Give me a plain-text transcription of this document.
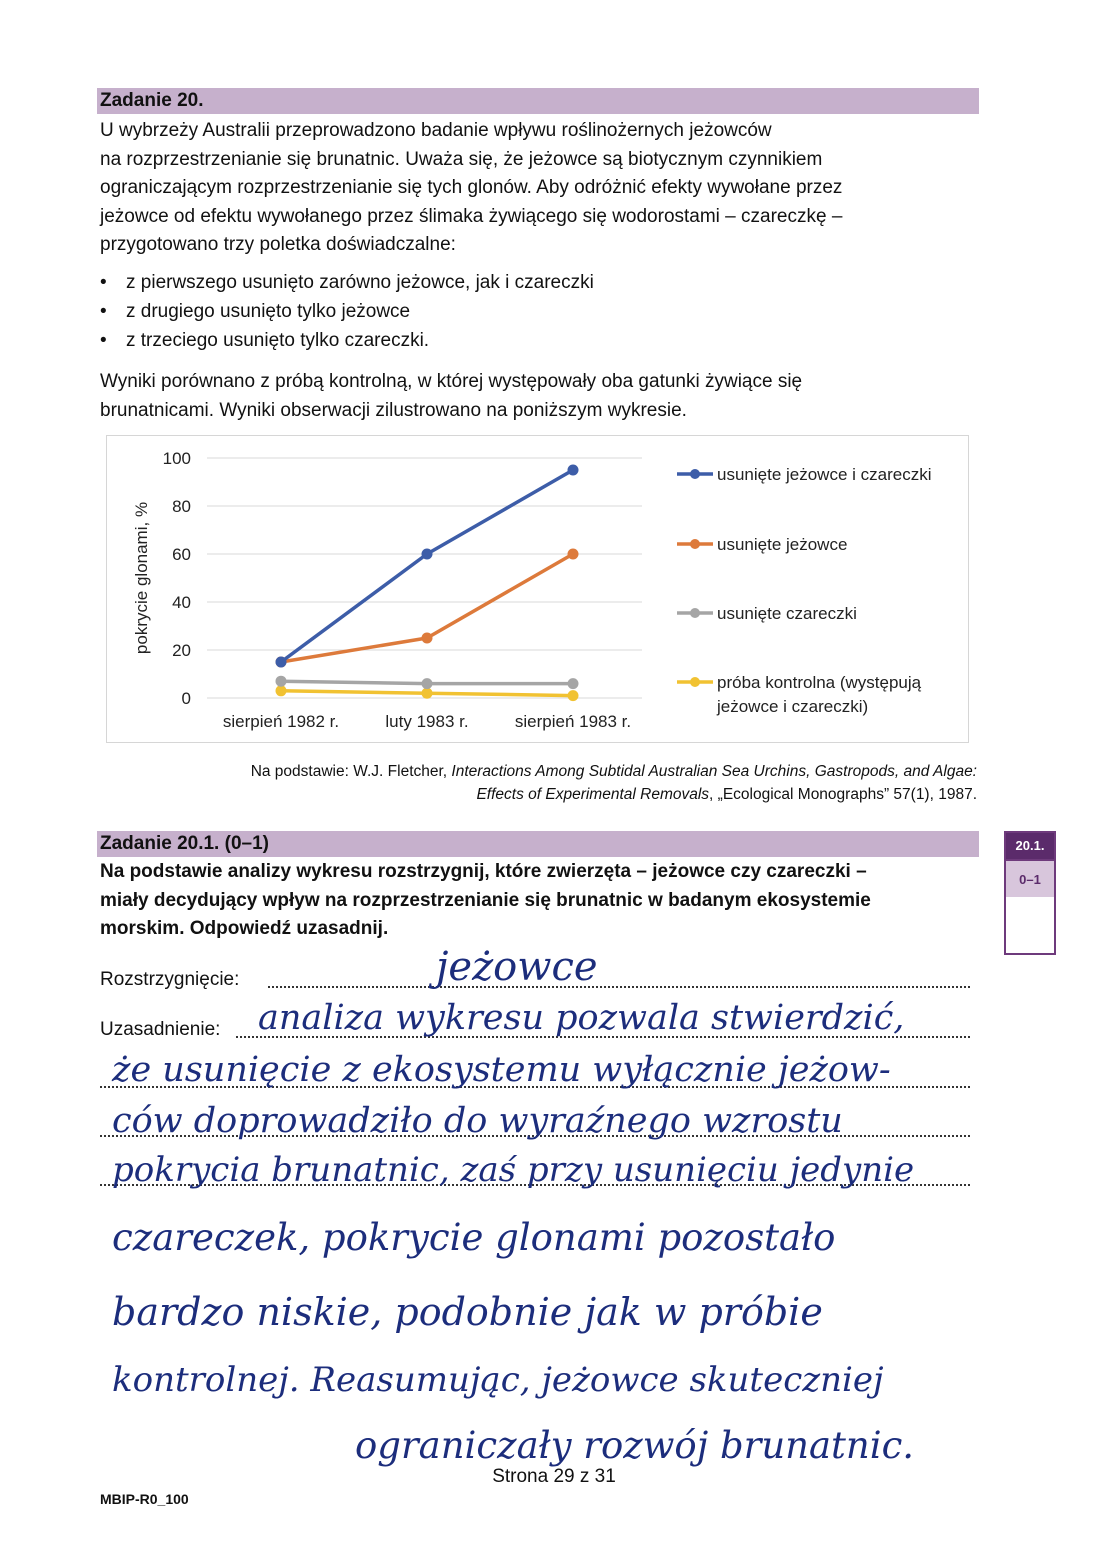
Zadanie 20.
U wybrzeży Australii przeprowadzono badanie wpływu roślinożernych jeżowców
na rozprzestrzenianie się brunatnic. Uważa się, że jeżowce są biotycznym czynnikiem
ograniczającym rozprzestrzenianie się tych glonów. Aby odróżnić efekty wywołane przez
jeżowce od efektu wywołanego przez ślimaka żywiącego się wodorostami – czareczkę –
przygotowano trzy poletka doświadczalne:
• z pierwszego usunięto zarówno jeżowce, jak i czareczki
• z drugiego usunięto tylko jeżowce
• z trzeciego usunięto tylko czareczki.
Wyniki porównano z próbą kontrolną, w której występowały oba gatunki żywiące się
brunatnicami. Wyniki obserwacji zilustrowano na poniższym wykresie.
0
20
40
60
80
100
sierpień 1982 r.	luty 1983 r.	sierpień 1983 r.
pokrycie glonami, %
usunięte jeżowce i czareczki
usunięte jeżowce
usunięte czareczki
próba kontrolna (występują
jeżowce i czareczki)
Na podstawie: W.J. Fletcher, Interactions Among Subtidal Australian Sea Urchins, Gastropods, and Algae:
Effects of Experimental Removals, „Ecological Monographs” 57(1), 1987.
Zadanie 20.1. (0–1)
Na podstawie analizy wykresu rozstrzygnij, które zwierzęta – jeżowce czy czareczki –
miały decydujący wpływ na rozprzestrzenianie się brunatnic w badanym ekosystemie
morskim. Odpowiedź uzasadnij.
20.1.
0–1
Rozstrzygnięcie:
Uzasadnienie:
jeżowce
analiza wykresu pozwala stwierdzić,
że usunięcie z ekosystemu wyłącznie jeżow-
ców doprowadziło do wyraźnego wzrostu
pokrycia brunatnic, zaś przy usunięciu jedynie
czareczek, pokrycie glonami pozostało
bardzo niskie, podobnie jak w próbie
kontrolnej. Reasumując, jeżowce skuteczniej
ograniczały rozwój brunatnic.
Strona 29 z 31
MBIP-R0_100
